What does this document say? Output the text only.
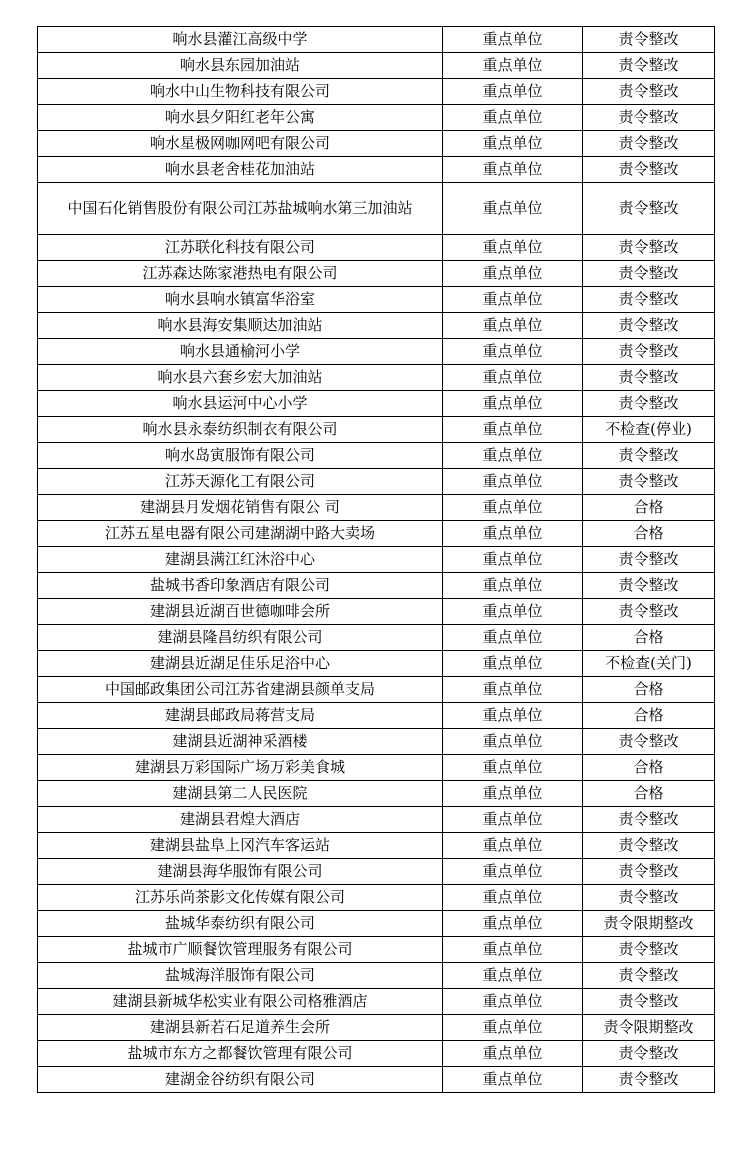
响水县灌江高级中学	重点单位	责令整改
响水县东园加油站	重点单位	责令整改
响水中山生物科技有限公司	重点单位	责令整改
响水县夕阳红老年公寓	重点单位	责令整改
响水星极网咖网吧有限公司	重点单位	责令整改
响水县老舍桂花加油站	重点单位	责令整改
中国石化销售股份有限公司江苏盐城响水第三加油站	重点单位	责令整改
江苏联化科技有限公司	重点单位	责令整改
江苏森达陈家港热电有限公司	重点单位	责令整改
响水县响水镇富华浴室	重点单位	责令整改
响水县海安集顺达加油站	重点单位	责令整改
响水县通榆河小学	重点单位	责令整改
响水县六套乡宏大加油站	重点单位	责令整改
响水县运河中心小学	重点单位	责令整改
响水县永泰纺织制衣有限公司	重点单位	不检查(停业)
响水岛寅服饰有限公司	重点单位	责令整改
江苏天源化工有限公司	重点单位	责令整改
建湖县月发烟花销售有限公 司	重点单位	合格
江苏五星电器有限公司建湖湖中路大卖场	重点单位	合格
建湖县满江红沐浴中心	重点单位	责令整改
盐城书香印象酒店有限公司	重点单位	责令整改
建湖县近湖百世德咖啡会所	重点单位	责令整改
建湖县隆昌纺织有限公司	重点单位	合格
建湖县近湖足佳乐足浴中心	重点单位	不检查(关门)
中国邮政集团公司江苏省建湖县颜单支局	重点单位	合格
建湖县邮政局蒋营支局	重点单位	合格
建湖县近湖神采酒楼	重点单位	责令整改
建湖县万彩国际广场万彩美食城	重点单位	合格
建湖县第二人民医院	重点单位	合格
建湖县君煌大酒店	重点单位	责令整改
建湖县盐阜上冈汽车客运站	重点单位	责令整改
建湖县海华服饰有限公司	重点单位	责令整改
江苏乐尚茶影文化传媒有限公司	重点单位	责令整改
盐城华泰纺织有限公司	重点单位	责令限期整改
盐城市广顺餐饮管理服务有限公司	重点单位	责令整改
盐城海洋服饰有限公司	重点单位	责令整改
建湖县新城华松实业有限公司格雅酒店	重点单位	责令整改
建湖县新若石足道养生会所	重点单位	责令限期整改
盐城市东方之都餐饮管理有限公司	重点单位	责令整改
建湖金谷纺织有限公司	重点单位	责令整改
